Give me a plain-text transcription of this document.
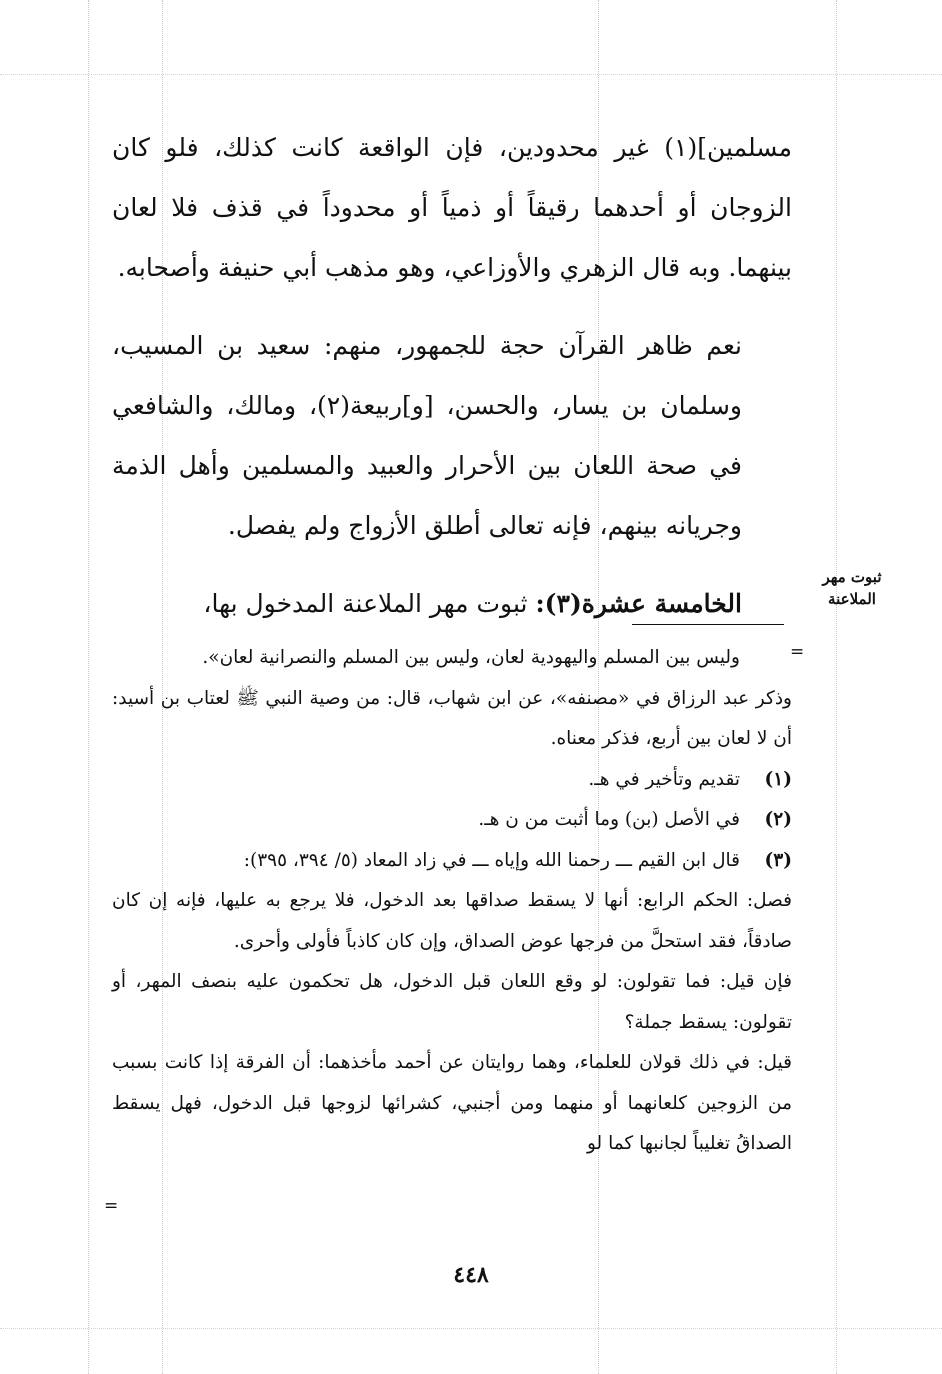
مسلمين](١) غير محدودين، فإن الواقعة كانت كذلك، فلو كان الزوجان أو أحدهما رقيقاً أو ذمياً أو محدوداً في قذف فلا لعان بينهما. وبه قال الزهري والأوزاعي، وهو مذهب أبي حنيفة وأصحابه.

نعم ظاهر القرآن حجة للجمهور، منهم: سعيد بن المسيب، وسلمان بن يسار، والحسن، [و]ربيعة(٢)، ومالك، والشافعي في صحة اللعان بين الأحرار والعبيد والمسلمين وأهل الذمة وجريانه بينهم، فإنه تعالى أطلق الأزواج ولم يفصل.

الخامسة عشرة(٣): ثبوت مهر الملاعنة المدخول بها،

ثبوت مهر الملاعنة
=

وليس بين المسلم واليهودية لعان، وليس بين المسلم والنصرانية لعان».

وذكر عبد الرزاق في «مصنفه»، عن ابن شهاب، قال: من وصية النبي ﷺ لعتاب بن أسيد: أن لا لعان بين أربع، فذكر معناه.

(١)
تقديم وتأخير في هـ.
(٢)
في الأصل (بن) وما أثبت من ن هـ.
(٣)
قال ابن القيم ـــ رحمنا الله وإياه ـــ في زاد المعاد (٥/ ٣٩٤، ٣٩٥):

فصل: الحكم الرابع: أنها لا يسقط صداقها بعد الدخول، فلا يرجع به عليها، فإنه إن كان صادقاً، فقد استحلَّ من فرجها عوض الصداق، وإن كان كاذباً فأولى وأحرى.

فإن قيل: فما تقولون: لو وقع اللعان قبل الدخول، هل تحكمون عليه بنصف المهر، أو تقولون: يسقط جملة؟

قيل: في ذلك قولان للعلماء، وهما روايتان عن أحمد مأخذهما: أن الفرقة إذا كانت بسبب من الزوجين كلعانهما أو منهما ومن أجنبي، كشرائها لزوجها قبل الدخول، فهل يسقط الصداقُ تغليباً لجانبها كما لو

=
٤٤٨
